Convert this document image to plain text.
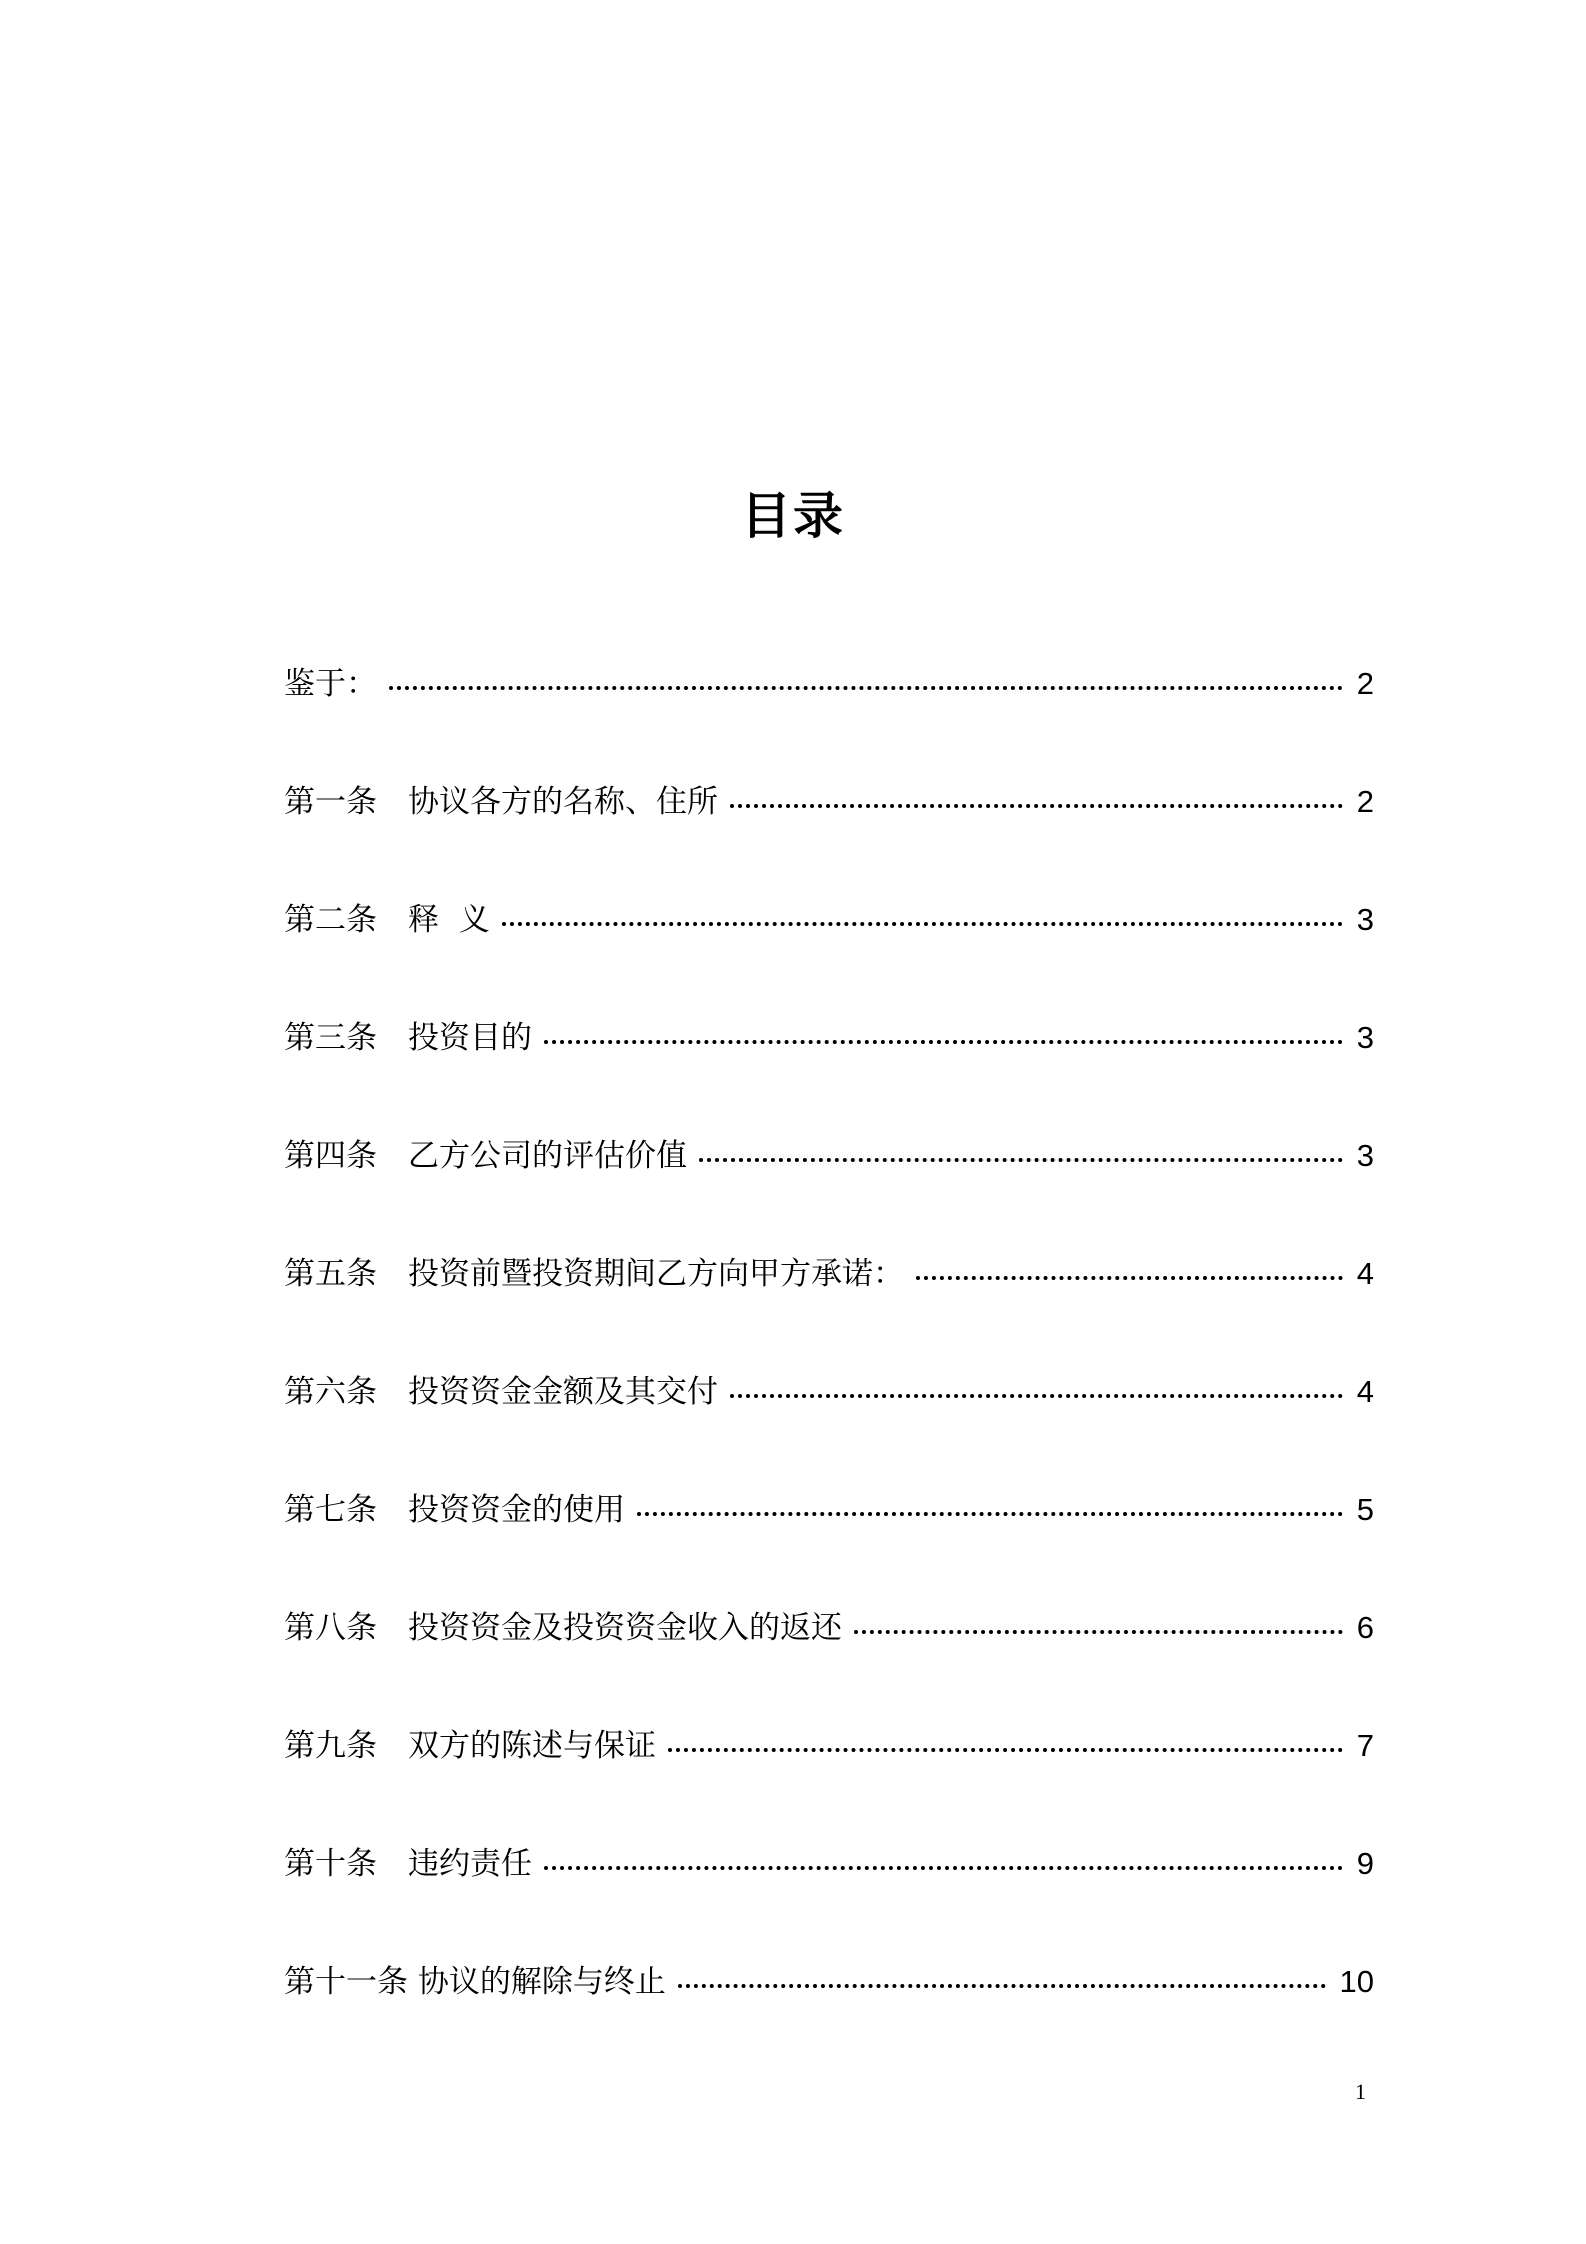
目录
鉴于：	2
第一条　 协议各方的名称、住所	2
第二条　 释  义	3
第三条　 投资目的	3
第四条　 乙方公司的评估价值	3
第五条　 投资前暨投资期间乙方向甲方承诺：	4
第六条　 投资资金金额及其交付	4
第七条　 投资资金的使用	5
第八条　 投资资金及投资资金收入的返还	6
第九条　 双方的陈述与保证	7
第十条　 违约责任	9
第十一条 协议的解除与终止	10
1
